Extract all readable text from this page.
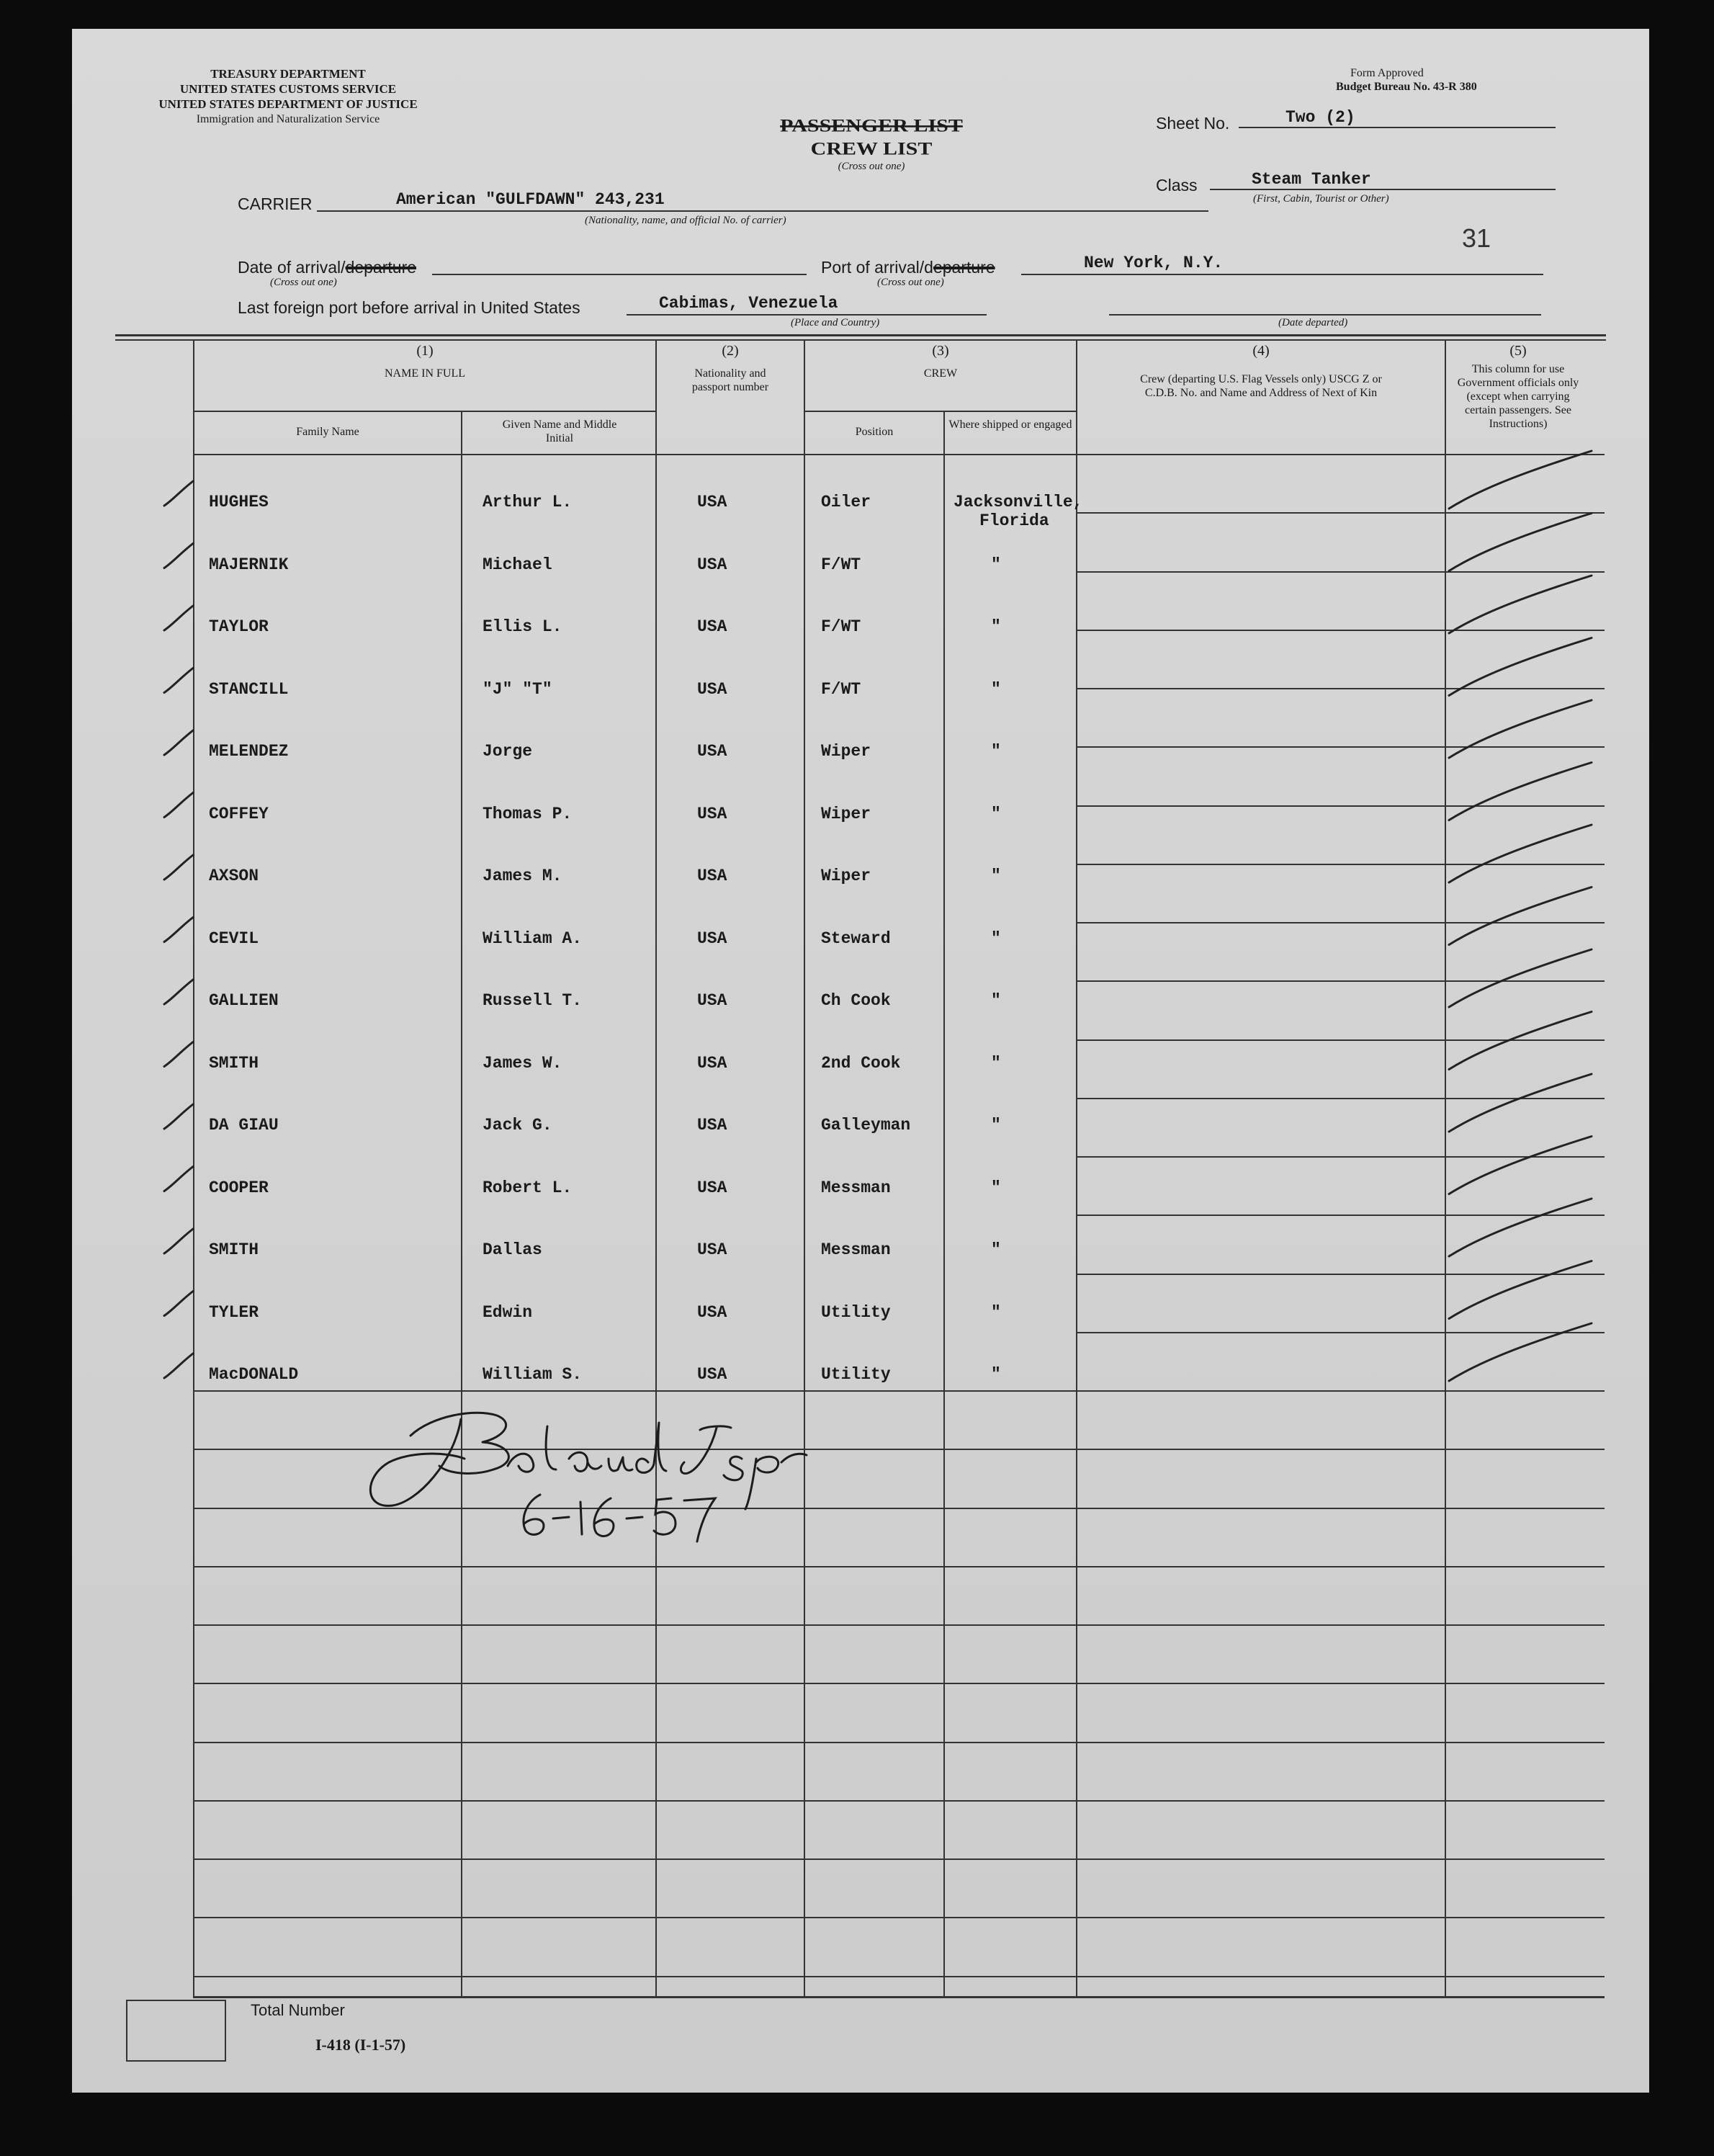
TREASURY DEPARTMENT
UNITED STATES CUSTOMS SERVICE
UNITED STATES DEPARTMENT OF JUSTICE
Immigration and Naturalization Service	PASSENGER LIST
CREW LIST
(Cross out one)
Form Approved
Budget Bureau No. 43-R 380
Sheet No.	Two (2)
Class	Steam Tanker
(First, Cabin, Tourist or Other)
31
CARRIER	American "GULFDAWN" 243,231
(Nationality, name, and official No. of carrier)
Date of arrival/departure
(Cross out one)
Port of arrival/departure	New York, N.Y.
(Cross out one)
Last foreign port before arrival in United States	Cabimas, Venezuela
(Place and Country)	(Date departed)
(1)
NAME IN FULL
Family Name
Given Name and Middle Initial
(2)
Nationality and passport number
(3)
CREW
Position
Where shipped or engaged
(4)
Crew (departing U.S. Flag Vessels only) USCG Z or C.D.B. No. and Name and Address of Next of Kin
(5)
This column for use Government officials only (except when carrying certain passengers. See Instructions)
HUGHES	Arthur L.	USA	Oiler	Jacksonville,
Florida
MAJERNIK	Michael	USA	F/WT	"
TAYLOR	Ellis L.	USA	F/WT	"
STANCILL	"J" "T"	USA	F/WT	"
MELENDEZ	Jorge	USA	Wiper	"
COFFEY	Thomas P.	USA	Wiper	"
AXSON	James M.	USA	Wiper	"
CEVIL	William A.	USA	Steward	"
GALLIEN	Russell T.	USA	Ch Cook	"
SMITH	James W.	USA	2nd Cook	"
DA GIAU	Jack G.	USA	Galleyman	"
COOPER	Robert L.	USA	Messman	"
SMITH	Dallas	USA	Messman	"
TYLER	Edwin	USA	Utility	"
MacDONALD	William S.	USA	Utility	"
Total Number
I-418 (I-1-57)
